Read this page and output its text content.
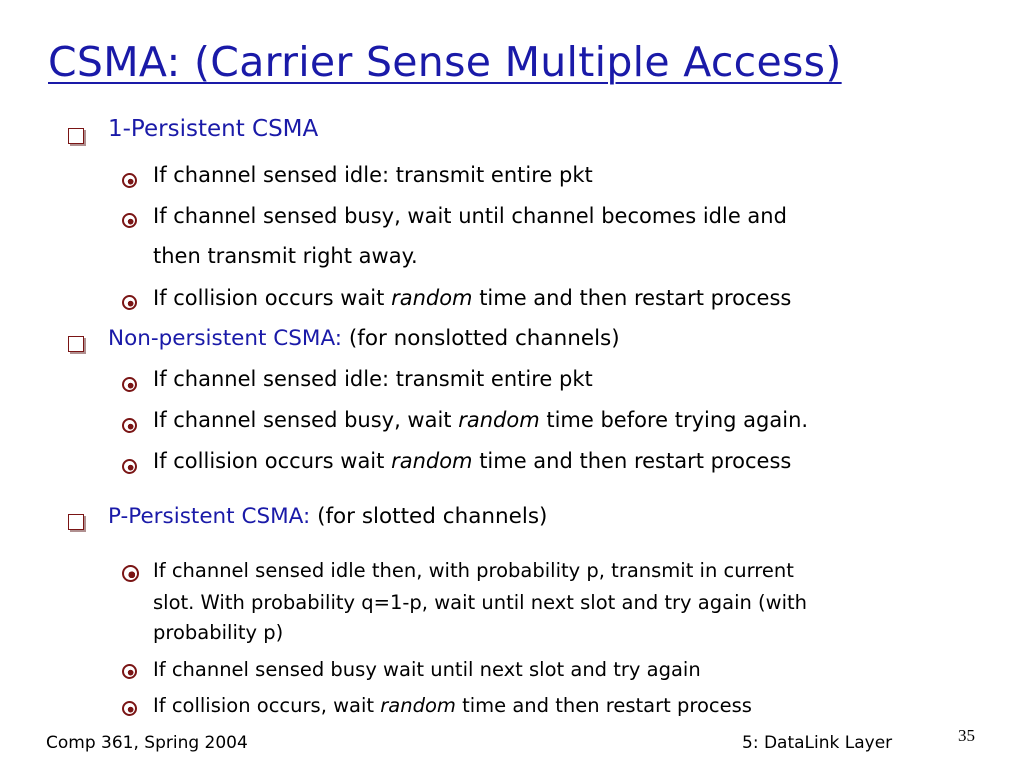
CSMA: (Carrier Sense Multiple Access)
1-Persistent CSMA
If channel sensed idle: transmit entire pkt
If channel sensed busy, wait until channel becomes idle and
then transmit right away.
If collision occurs wait random time and then restart process
Non-persistent CSMA: (for nonslotted channels)
If channel sensed idle: transmit entire pkt
If channel sensed busy, wait random time before trying again.
If collision occurs wait random time and then restart process
P-Persistent CSMA: (for slotted channels)
If channel sensed idle then, with probability p, transmit in current
slot. With probability q=1-p, wait until next slot and try again (with
probability p)
If channel sensed busy wait until next slot and try again
If collision occurs, wait random time and then restart process
Comp 361, Spring 2004	5: DataLink Layer	35
